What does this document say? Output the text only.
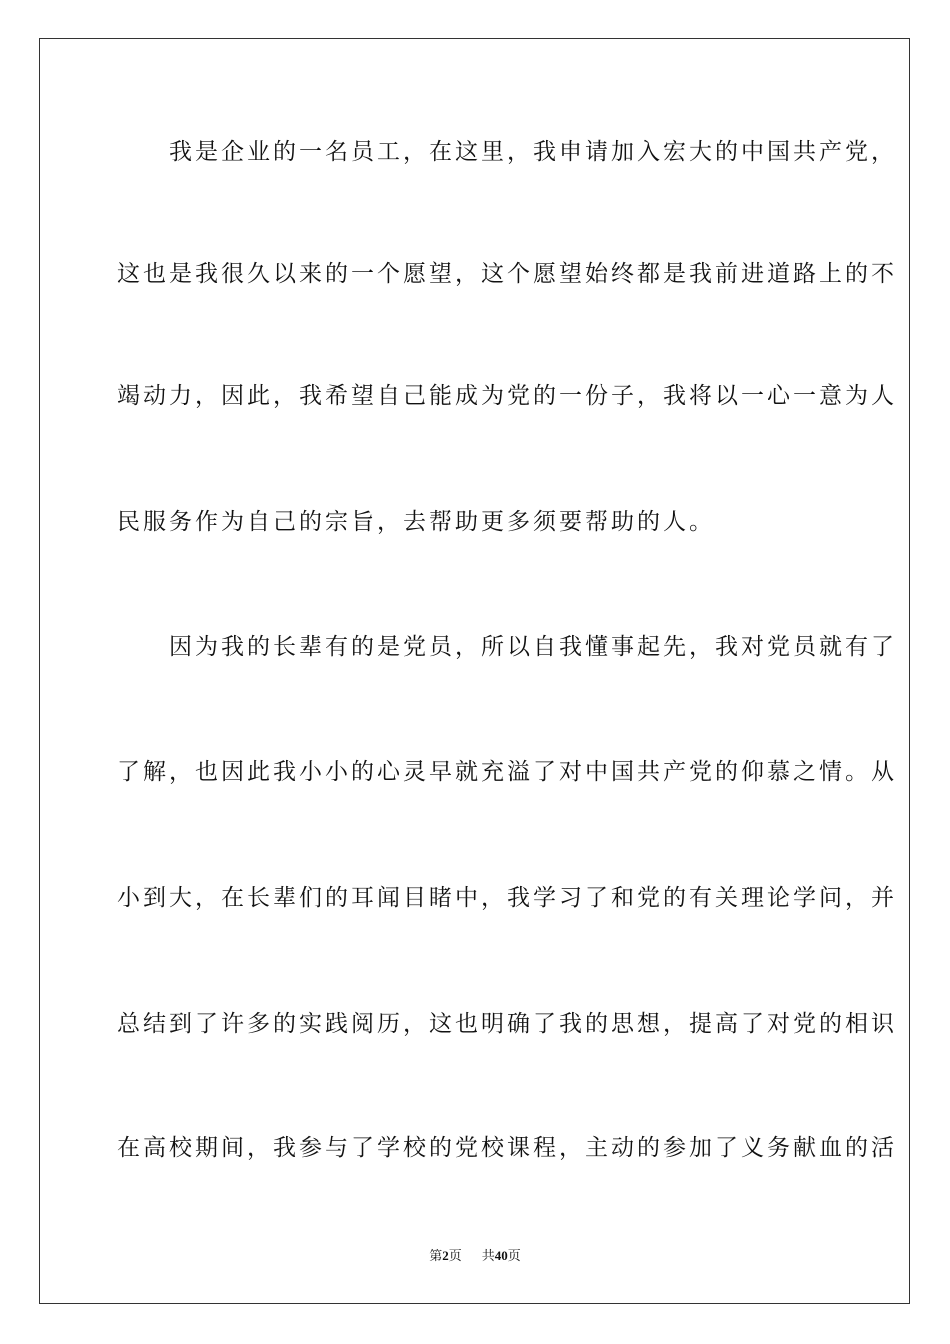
　　我是企业的一名员工，在这里，我申请加入宏大的中国共产党，
这也是我很久以来的一个愿望，这个愿望始终都是我前进道路上的不
竭动力，因此，我希望自己能成为党的一份子，我将以一心一意为人
民服务作为自己的宗旨，去帮助更多须要帮助的人。
　　因为我的长辈有的是党员，所以自我懂事起先，我对党员就有了
了解，也因此我小小的心灵早就充溢了对中国共产党的仰慕之情。从
小到大，在长辈们的耳闻目睹中，我学习了和党的有关理论学问，并
总结到了许多的实践阅历，这也明确了我的思想，提高了对党的相识
在高校期间，我参与了学校的党校课程，主动的参加了义务献血的活
第2页 共40页
